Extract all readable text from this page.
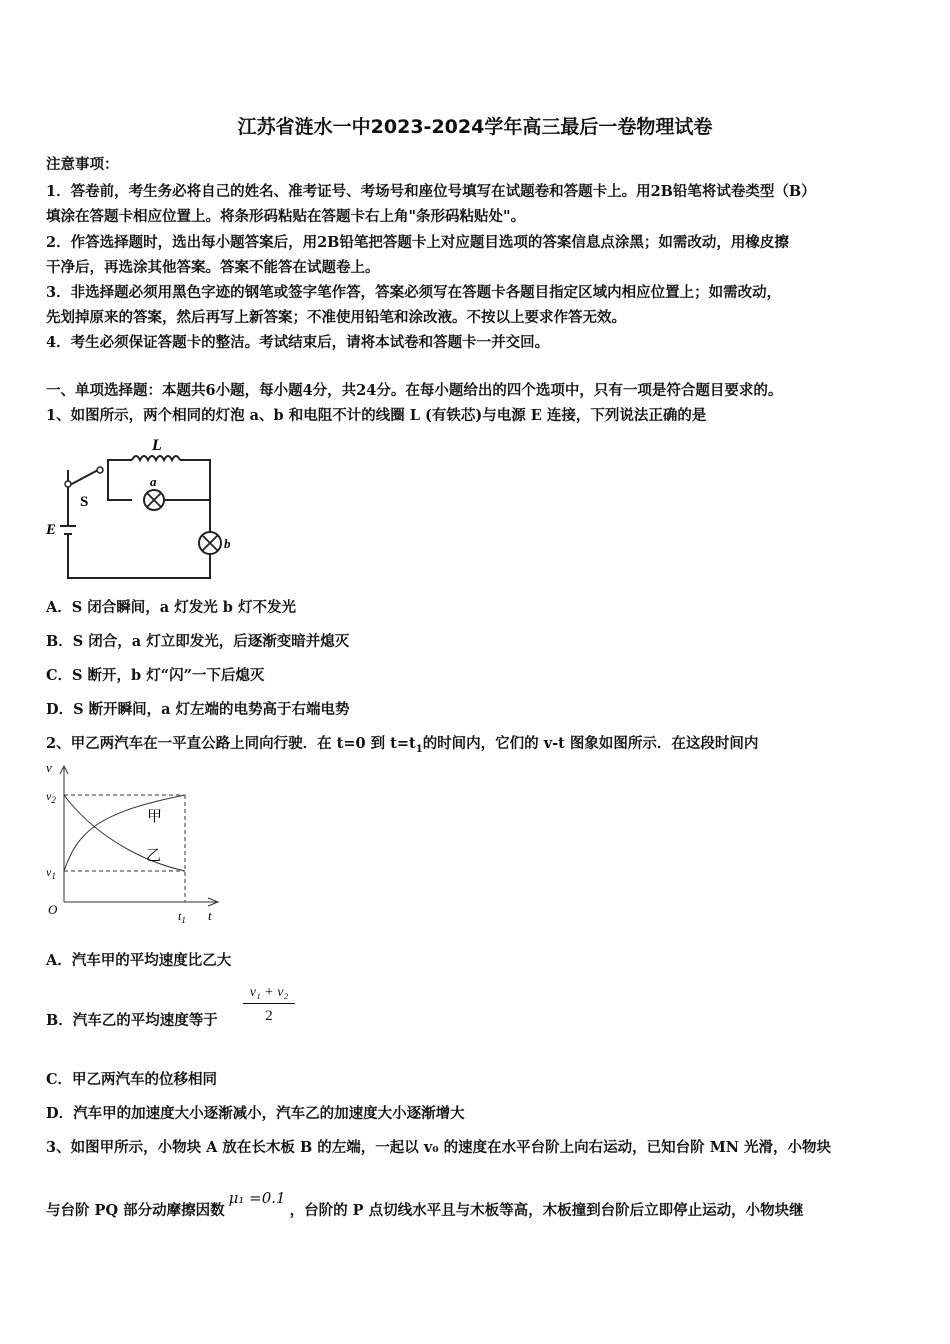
江苏省涟水一中2023-2024学年高三最后一卷物理试卷
注意事项：
1．答卷前，考生务必将自己的姓名、准考证号、考场号和座位号填写在试题卷和答题卡上。用2B铅笔将试卷类型（B）
填涂在答题卡相应位置上。将条形码粘贴在答题卡右上角"条形码粘贴处"。
2．作答选择题时，选出每小题答案后，用2B铅笔把答题卡上对应题目选项的答案信息点涂黑；如需改动，用橡皮擦
干净后，再选涂其他答案。答案不能答在试题卷上。
3．非选择题必须用黑色字迹的钢笔或签字笔作答，答案必须写在答题卡各题目指定区域内相应位置上；如需改动，
先划掉原来的答案，然后再写上新答案；不准使用铅笔和涂改液。不按以上要求作答无效。
4．考生必须保证答题卡的整洁。考试结束后，请将本试卷和答题卡一并交回。
一、单项选择题：本题共6小题，每小题4分，共24分。在每小题给出的四个选项中，只有一项是符合题目要求的。
1、如图所示，两个相同的灯泡 a、b 和电阻不计的线圈 L (有铁芯)与电源 E 连接，下列说法正确的是
L
S
E
a
b
A．S 闭合瞬间，a 灯发光 b 灯不发光
B．S 闭合，a 灯立即发光，后逐渐变暗并熄灭
C．S 断开，b 灯“闪”一下后熄灭
D．S 断开瞬间，a 灯左端的电势高于右端电势
2、甲乙两汽车在一平直公路上同向行驶．在 t=0 到 $t=t_1$的时间内，它们的 v-t 图象如图所示．在这段时间内
v
$v_2$
$v_1$
O	$t_1$ t
甲
乙
A．汽车甲的平均速度比乙大
B．汽车乙的平均速度等于 $\frac{\text{v₁ + v₂}}{2}$
C．甲乙两汽车的位移相同
D．汽车甲的加速度大小逐渐减小，汽车乙的加速度大小逐渐增大
3、如图甲所示，小物块 A 放在长木板 B 的左端，一起以 v₀ 的速度在水平台阶上向右运动，已知台阶 MN 光滑，小物块
与台阶 PQ 部分动摩擦因数μ₁ =0.1，台阶的 P 点切线水平且与木板等高，木板撞到台阶后立即停止运动，小物块继
